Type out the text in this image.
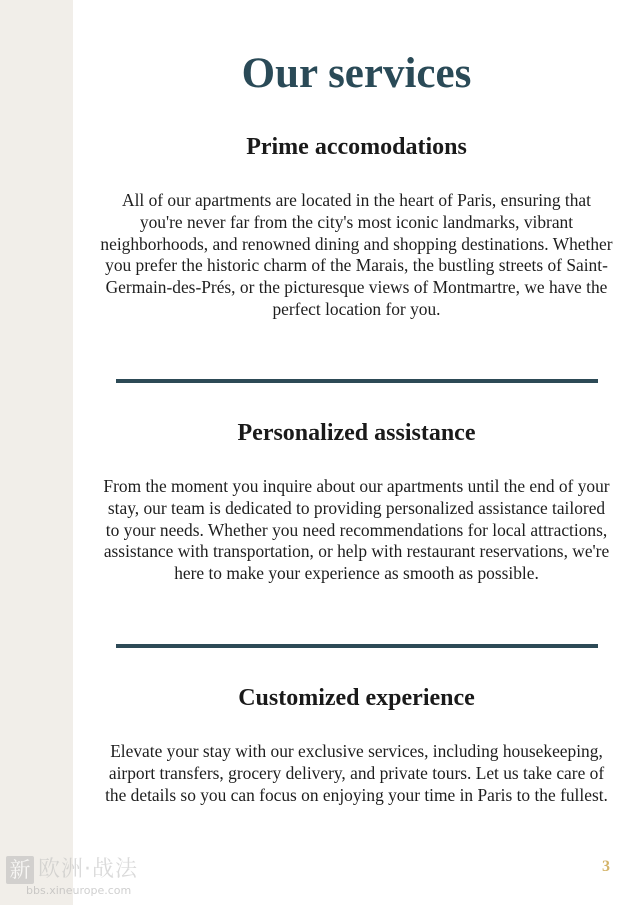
Our services
Prime accomodations

All of our apartments are located in the heart of Paris, ensuring that you're never far from the city's most iconic landmarks, vibrant neighborhoods, and renowned dining and shopping destinations. Whether you prefer the historic charm of the Marais, the bustling streets of Saint-Germain-des-Prés, or the picturesque views of Montmartre, we have the perfect location for you.

Personalized assistance

From the moment you inquire about our apartments until the end of your stay, our team is dedicated to providing personalized assistance tailored to your needs. Whether you need recommendations for local attractions, assistance with transportation, or help with restaurant reservations, we're here to make your experience as smooth as possible.

Customized experience

Elevate your stay with our exclusive services, including housekeeping, airport transfers, grocery delivery, and private tours. Let us take care of the details so you can focus on enjoying your time in Paris to the fullest.

新 欧洲·战法
bbs.xineurope.com
3
